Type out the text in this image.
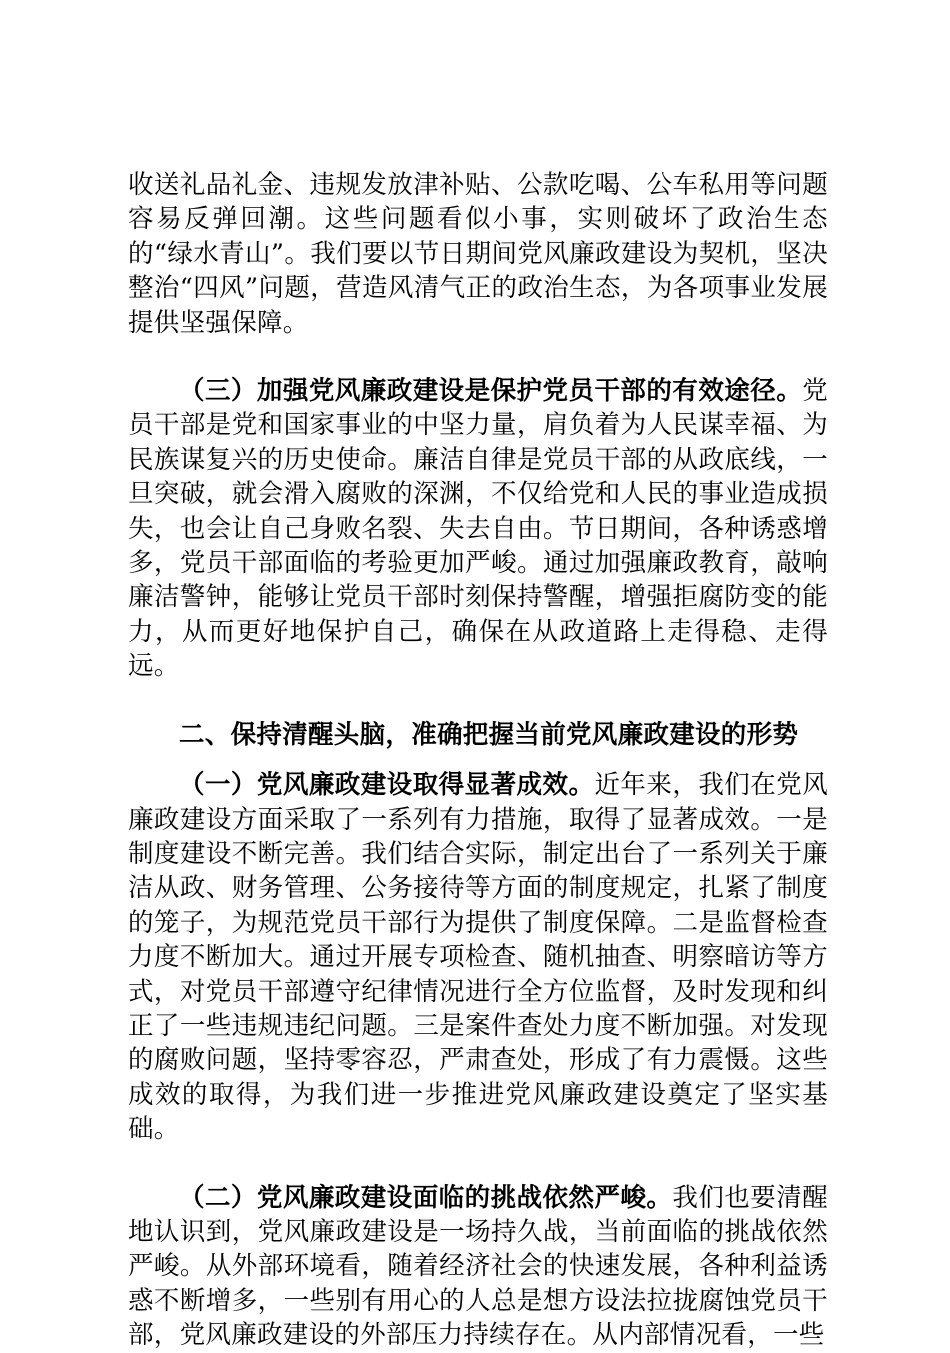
收送礼品礼金、违规发放津补贴、公款吃喝、公车私用等问题容易反弹回潮。这些问题看似小事，实则破坏了政治生态的“绿水青山”。我们要以节日期间党风廉政建设为契机，坚决整治“四风”问题，营造风清气正的政治生态，为各项事业发展提供坚强保障。

（三）加强党风廉政建设是保护党员干部的有效途径。党员干部是党和国家事业的中坚力量，肩负着为人民谋幸福、为民族谋复兴的历史使命。廉洁自律是党员干部的从政底线，一旦突破，就会滑入腐败的深渊，不仅给党和人民的事业造成损失，也会让自己身败名裂、失去自由。节日期间，各种诱惑增多，党员干部面临的考验更加严峻。通过加强廉政教育，敲响廉洁警钟，能够让党员干部时刻保持警醒，增强拒腐防变的能力，从而更好地保护自己，确保在从政道路上走得稳、走得远。

二、保持清醒头脑，准确把握当前党风廉政建设的形势

（一）党风廉政建设取得显著成效。近年来，我们在党风廉政建设方面采取了一系列有力措施，取得了显著成效。一是制度建设不断完善。我们结合实际，制定出台了一系列关于廉洁从政、财务管理、公务接待等方面的制度规定，扎紧了制度的笼子，为规范党员干部行为提供了制度保障。二是监督检查力度不断加大。通过开展专项检查、随机抽查、明察暗访等方式，对党员干部遵守纪律情况进行全方位监督，及时发现和纠正了一些违规违纪问题。三是案件查处力度不断加强。对发现的腐败问题，坚持零容忍，严肃查处，形成了有力震慑。这些成效的取得，为我们进一步推进党风廉政建设奠定了坚实基础。

（二）党风廉政建设面临的挑战依然严峻。我们也要清醒地认识到，党风廉政建设是一场持久战，当前面临的挑战依然严峻。从外部环境看，随着经济社会的快速发展，各种利益诱惑不断增多，一些别有用心的人总是想方设法拉拢腐蚀党员干部，党风廉政建设的外部压力持续存在。从内部情况看，一些
